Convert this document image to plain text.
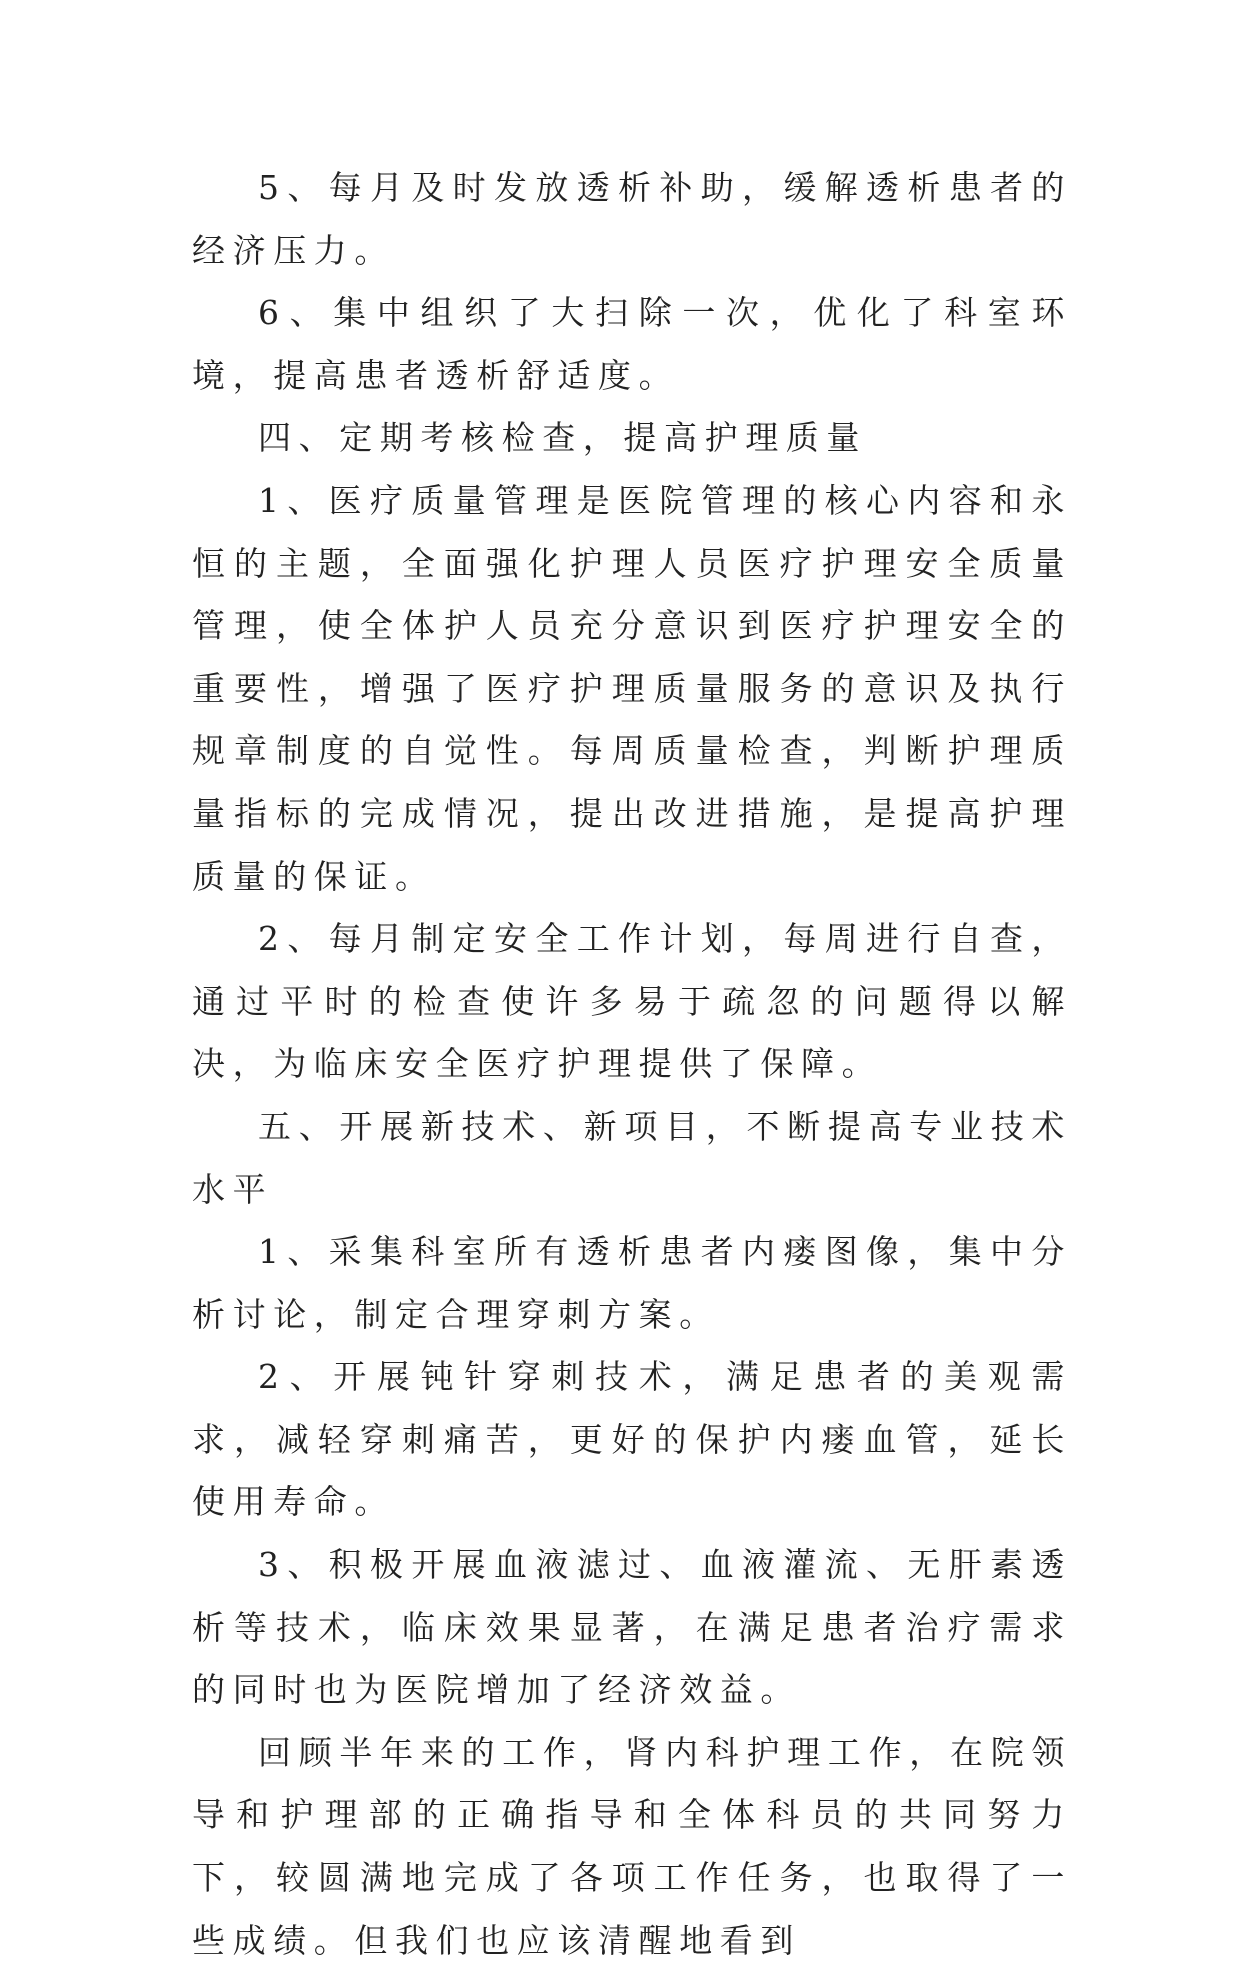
5、每月及时发放透析补助，缓解透析患者的经济压力。

6、集中组织了大扫除一次，优化了科室环境，提高患者透析舒适度。

四、定期考核检查，提高护理质量

1、医疗质量管理是医院管理的核心内容和永恒的主题，全面强化护理人员医疗护理安全质量管理，使全体护人员充分意识到医疗护理安全的重要性，增强了医疗护理质量服务的意识及执行规章制度的自觉性。每周质量检查，判断护理质量指标的完成情况，提出改进措施，是提高护理质量的保证。

2、每月制定安全工作计划，每周进行自查，通过平时的检查使许多易于疏忽的问题得以解决，为临床安全医疗护理提供了保障。

五、开展新技术、新项目，不断提高专业技术水平

1、采集科室所有透析患者内瘘图像，集中分析讨论，制定合理穿刺方案。

2、开展钝针穿刺技术，满足患者的美观需求，减轻穿刺痛苦，更好的保护内瘘血管，延长使用寿命。

3、积极开展血液滤过、血液灌流、无肝素透析等技术，临床效果显著，在满足患者治疗需求的同时也为医院增加了经济效益。

回顾半年来的工作，肾内科护理工作，在院领导和护理部的正确指导和全体科员的共同努力下，较圆满地完成了各项工作任务，也取得了一些成绩。但我们也应该清醒地看到
